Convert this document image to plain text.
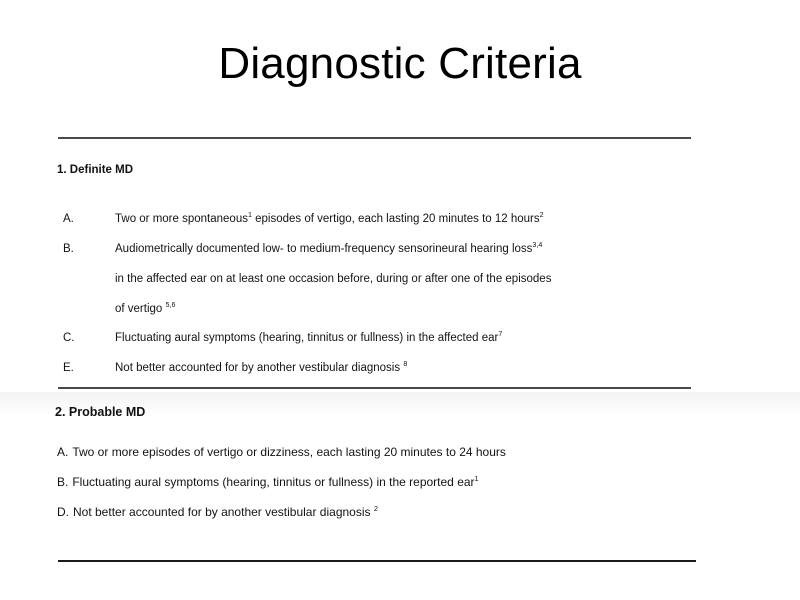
Diagnostic Criteria
1. Definite MD
A.	Two or more spontaneous$^1$ episodes of vertigo, each lasting 20 minutes to 12 hours$^2$
B.	Audiometrically documented low- to medium-frequency sensorineural hearing loss$^{3,4}$
in the affected ear on at least one occasion before, during or after one of the episodes
of vertigo $^{5,6}$
C.	Fluctuating aural symptoms (hearing, tinnitus or fullness) in the affected ear$^7$
E.	Not better accounted for by another vestibular diagnosis $^8$
2. Probable MD
A. Two or more episodes of vertigo or dizziness, each lasting 20 minutes to 24 hours
B. Fluctuating aural symptoms (hearing, tinnitus or fullness) in the reported ear$^1$
D. Not better accounted for by another vestibular diagnosis $^2$
